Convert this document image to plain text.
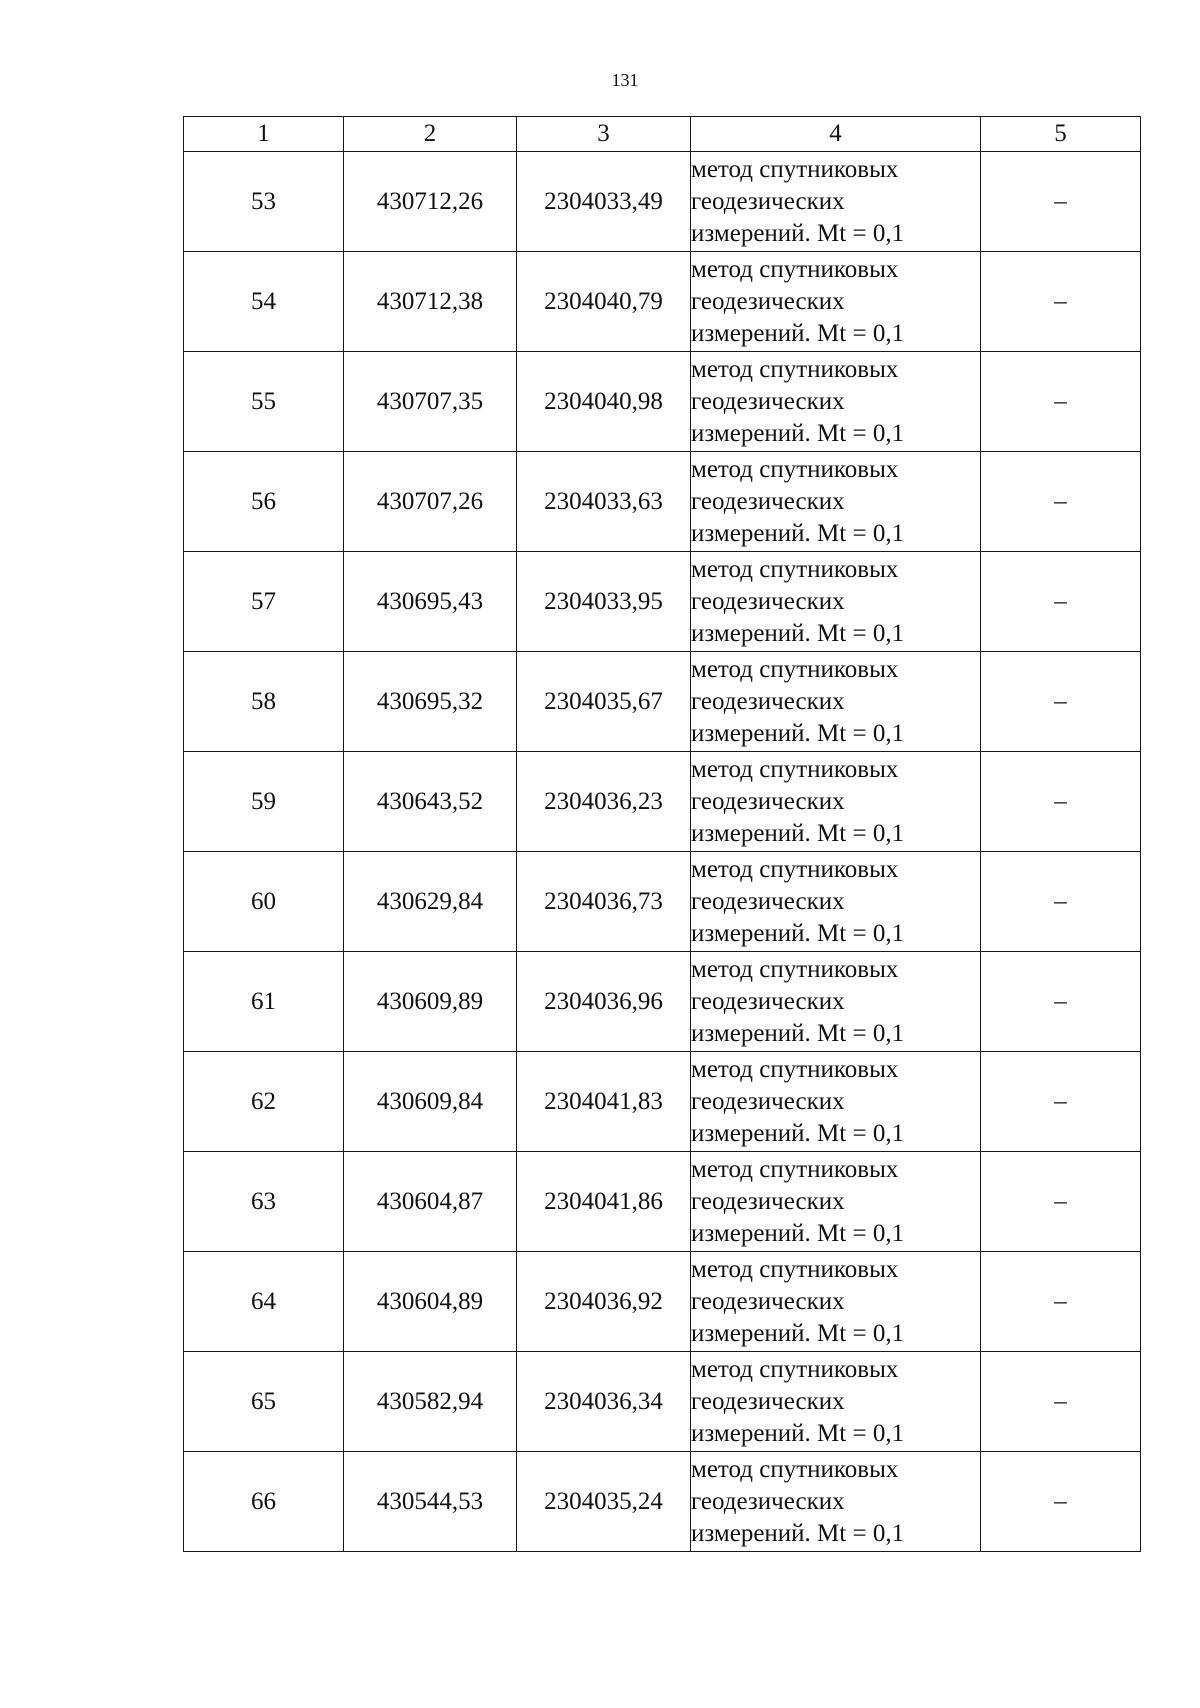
131
1	2	3	4	5
53	430712,26	2304033,49	метод спутниковых
геодезических
измерений. Mt = 0,1	–
54	430712,38	2304040,79	метод спутниковых
геодезических
измерений. Mt = 0,1	–
55	430707,35	2304040,98	метод спутниковых
геодезических
измерений. Mt = 0,1	–
56	430707,26	2304033,63	метод спутниковых
геодезических
измерений. Mt = 0,1	–
57	430695,43	2304033,95	метод спутниковых
геодезических
измерений. Mt = 0,1	–
58	430695,32	2304035,67	метод спутниковых
геодезических
измерений. Mt = 0,1	–
59	430643,52	2304036,23	метод спутниковых
геодезических
измерений. Mt = 0,1	–
60	430629,84	2304036,73	метод спутниковых
геодезических
измерений. Mt = 0,1	–
61	430609,89	2304036,96	метод спутниковых
геодезических
измерений. Mt = 0,1	–
62	430609,84	2304041,83	метод спутниковых
геодезических
измерений. Mt = 0,1	–
63	430604,87	2304041,86	метод спутниковых
геодезических
измерений. Mt = 0,1	–
64	430604,89	2304036,92	метод спутниковых
геодезических
измерений. Mt = 0,1	–
65	430582,94	2304036,34	метод спутниковых
геодезических
измерений. Mt = 0,1	–
66	430544,53	2304035,24	метод спутниковых
геодезических
измерений. Mt = 0,1	–
